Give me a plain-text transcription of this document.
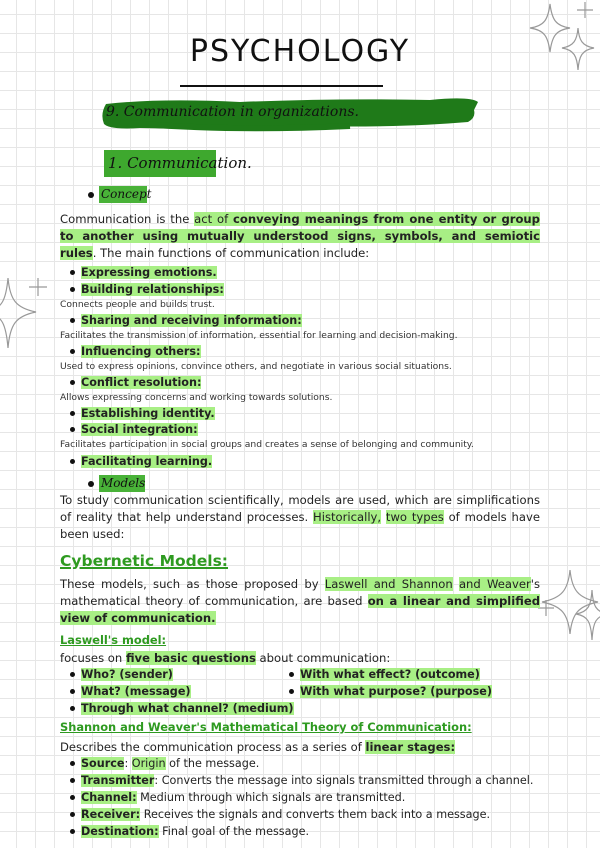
PSYCHOLOGY
9. Communication in organizations.
1. Communication.
Concept
Communication is the act of conveying meanings from one entity or group to another using mutually understood signs, symbols, and semiotic rules. The main functions of communication include:
Expressing emotions.
Building relationships:
Connects people and builds trust.
Sharing and receiving information:
Facilitates the transmission of information, essential for learning and decision-making.
Influencing others:
Used to express opinions, convince others, and negotiate in various social situations.
Conflict resolution:
Allows expressing concerns and working towards solutions.
Establishing identity.
Social integration:
Facilitates participation in social groups and creates a sense of belonging and community.
Facilitating learning.
Models
To study communication scientifically, models are used, which are simplifications of reality that help understand processes. Historically, two types of models have been used:
Cybernetic Models:
These models, such as those proposed by Laswell and Shannon and Weaver's mathematical theory of communication, are based on a linear and simplified view of communication.
Laswell's model:
focuses on five basic questions about communication:
Who? (sender)
What? (message)
Through what channel? (medium)
With what effect? (outcome)
With what purpose? (purpose)
Shannon and Weaver's Mathematical Theory of Communication:
Describes the communication process as a series of linear stages:
Source: Origin of the message.
Transmitter: Converts the message into signals transmitted through a channel.
Channel: Medium through which signals are transmitted.
Receiver: Receives the signals and converts them back into a message.
Destination: Final goal of the message.
